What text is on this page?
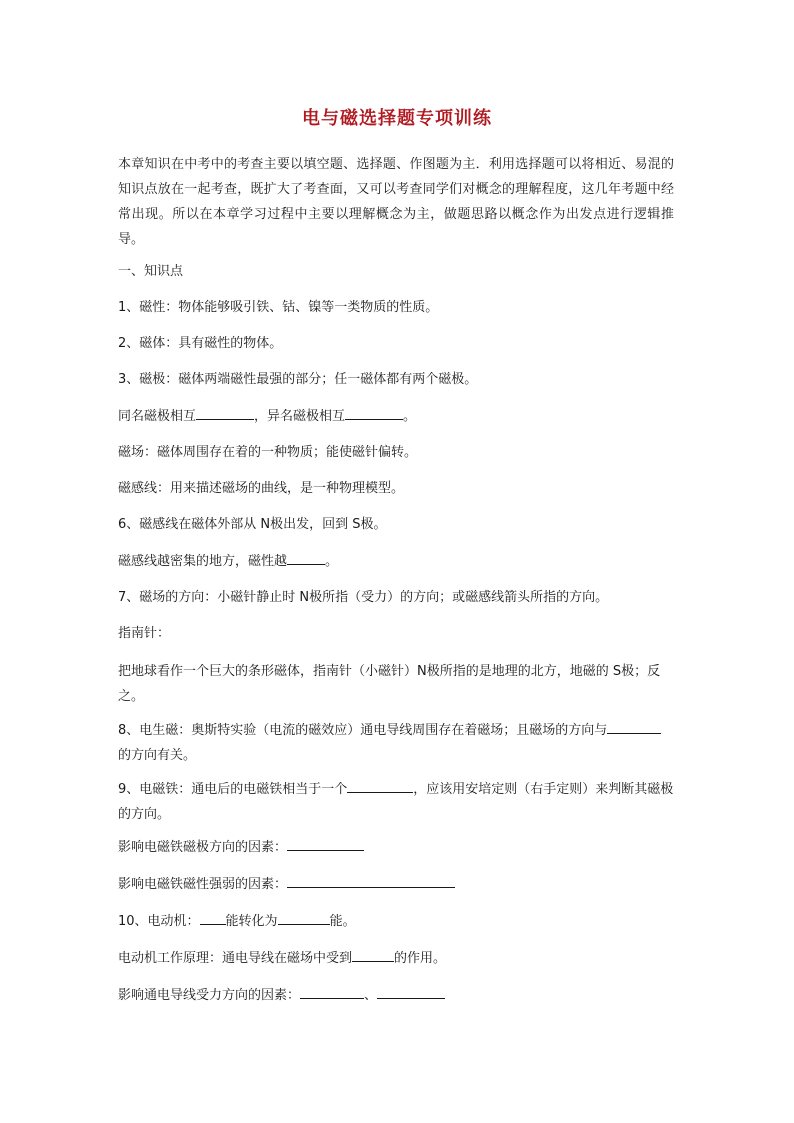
电与磁选择题专项训练

本章知识在中考中的考查主要以填空题、选择题、作图题为主．利用选择题可以将相近、易混的知识点放在一起考查，既扩大了考查面，又可以考查同学们对概念的理解程度，这几年考题中经常出现。所以在本章学习过程中主要以理解概念为主，做题思路以概念作为出发点进行逻辑推导。

一、知识点
1、磁性：物体能够吸引铁、钴、镍等一类物质的性质。
2、磁体：具有磁性的物体。
3、磁极：磁体两端磁性最强的部分；任一磁体都有两个磁极。
同名磁极相互	，异名磁极相互	。
磁场：磁体周围存在着的一种物质；能使磁针偏转。
磁感线：用来描述磁场的曲线，是一种物理模型。
6、磁感线在磁体外部从 N极出发，回到 S极。
磁感线越密集的地方，磁性越	。
7、磁场的方向：小磁针静止时 N极所指（受力）的方向；或磁感线箭头所指的方向。
指南针：
把地球看作一个巨大的条形磁体，指南针（小磁针）N极所指的是地理的北方，地磁的 S极；反之。
8、电生磁：奥斯特实验（电流的磁效应）通电导线周围存在着磁场；且磁场的方向与的方向有关。
9、电磁铁：通电后的电磁铁相当于一个	，应该用安培定则（右手定则）来判断其磁极的方向。
影响电磁铁磁极方向的因素：
影响电磁铁磁性强弱的因素：
10、电动机： 能转化为	能。
电动机工作原理：通电导线在磁场中受到	的作用。
影响通电导线受力方向的因素：	、
